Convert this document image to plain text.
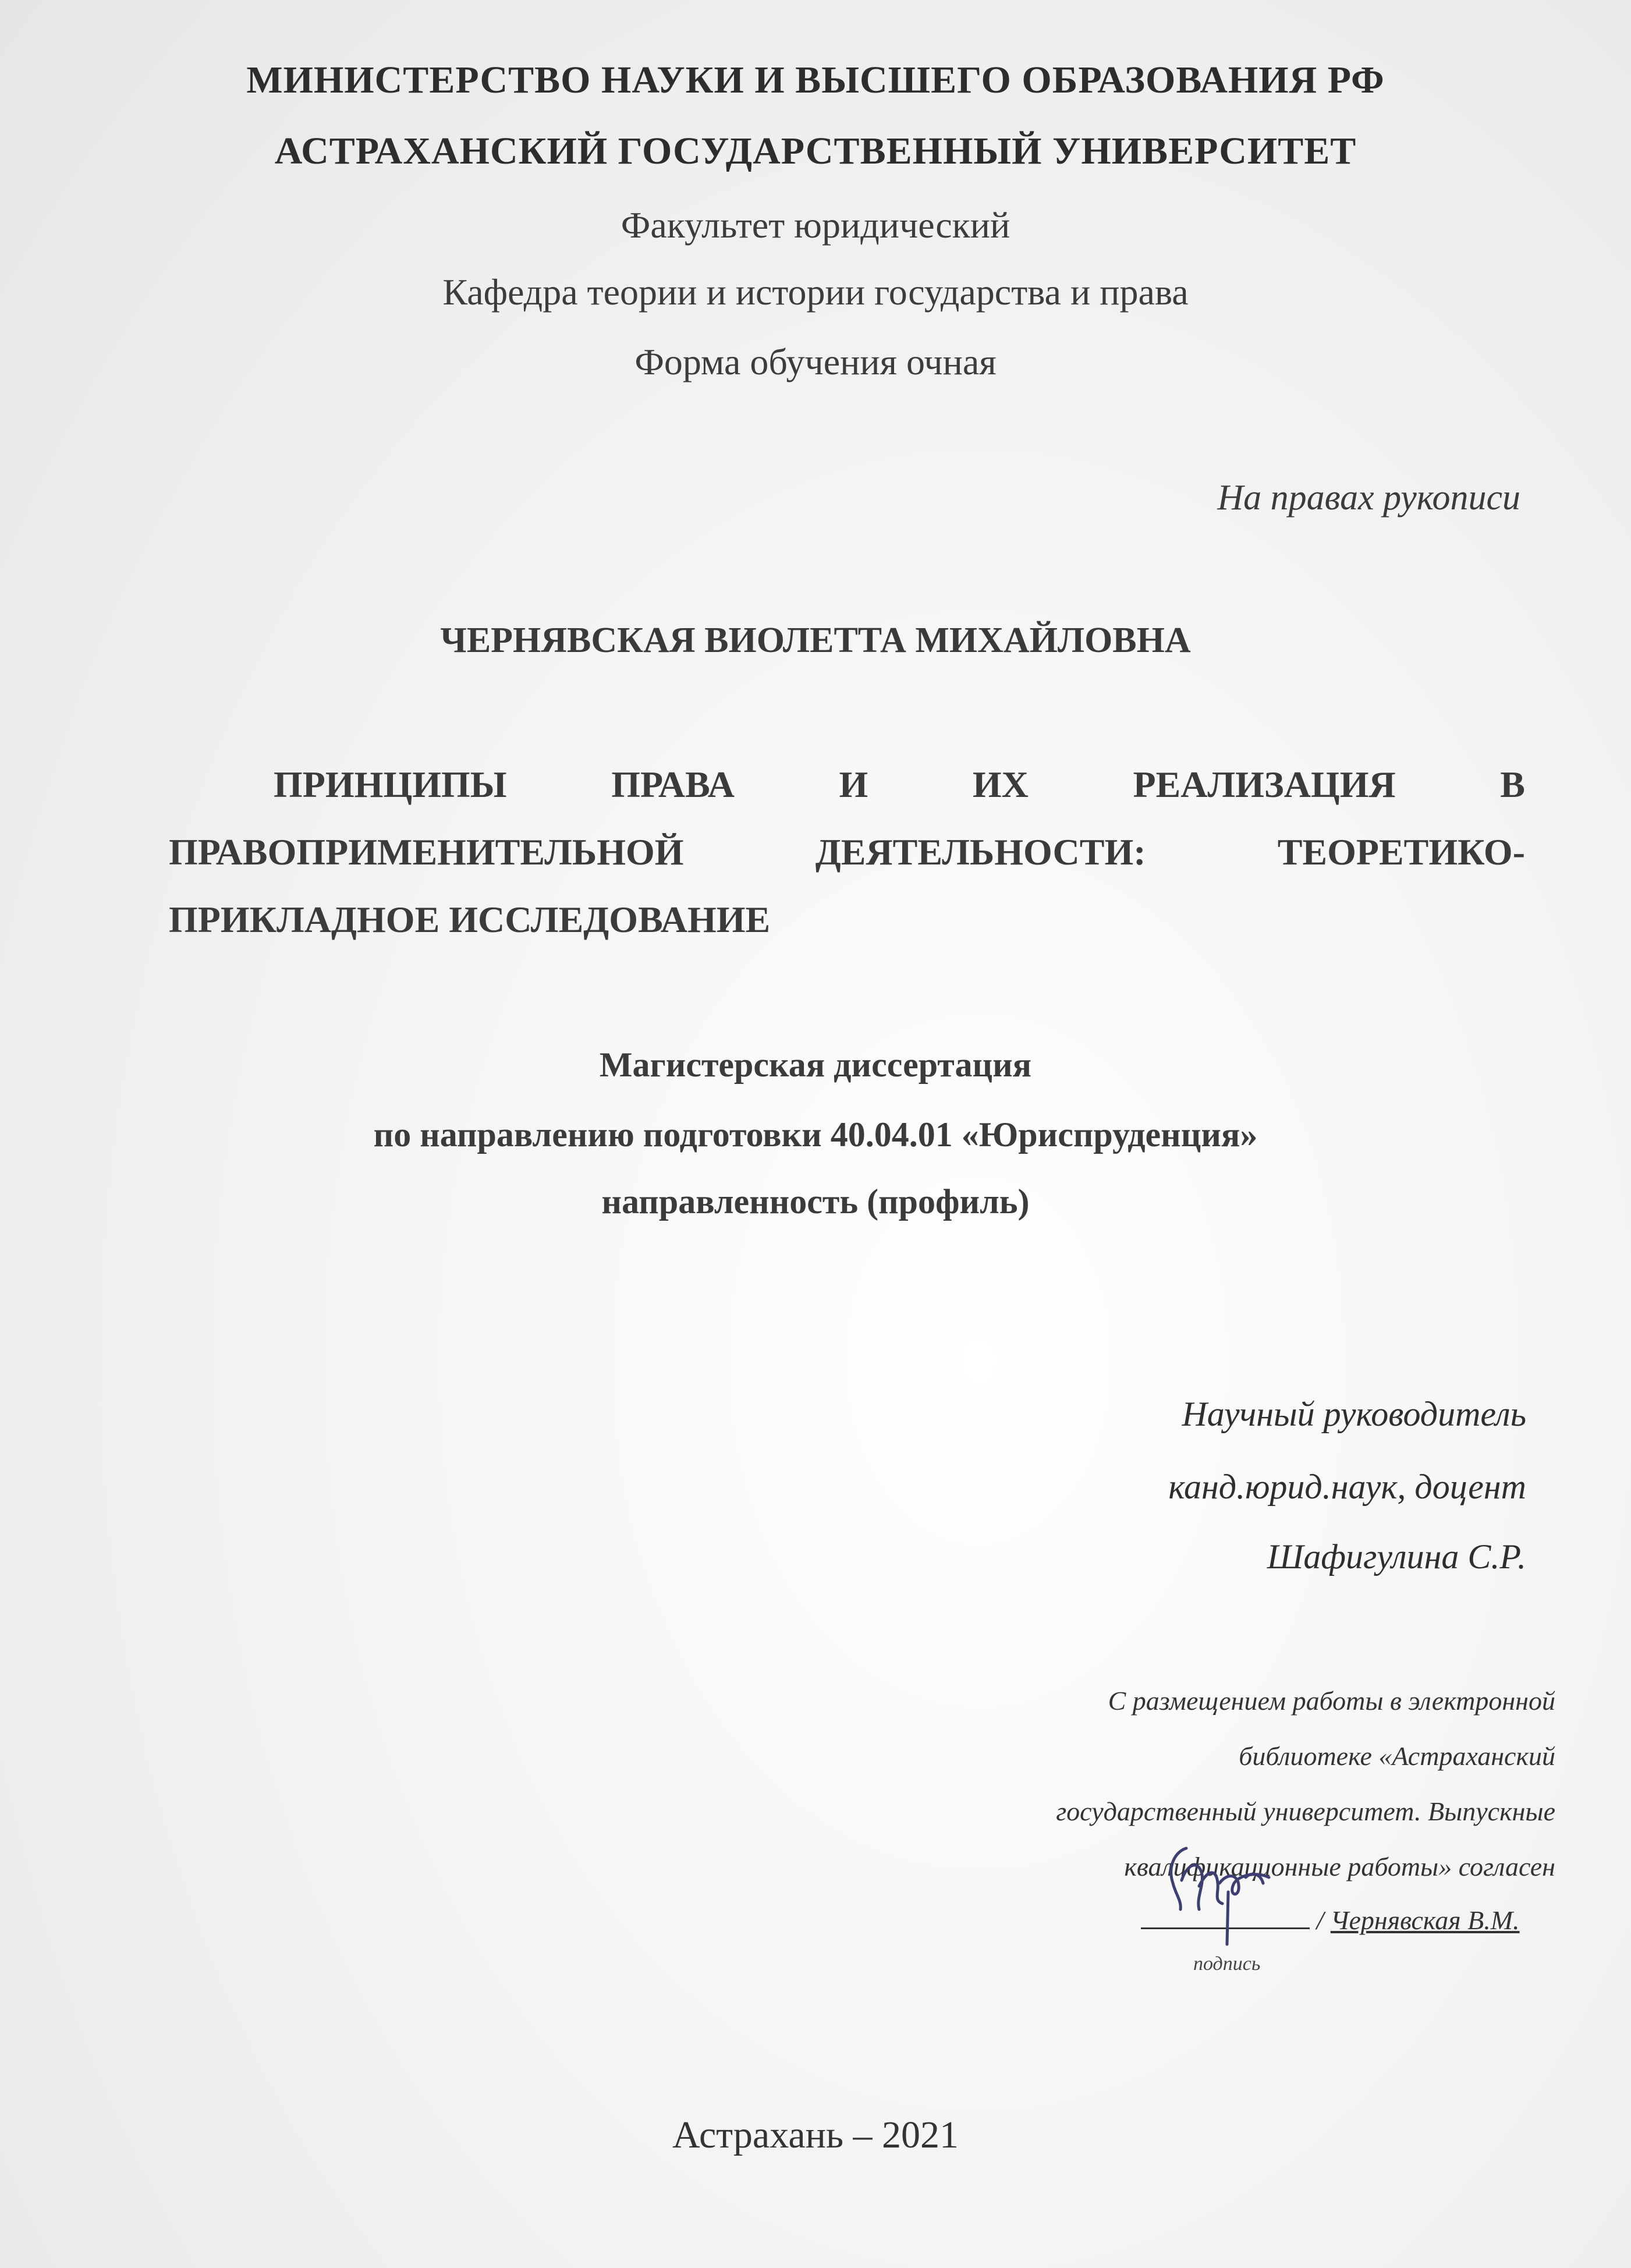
МИНИСТЕРСТВО НАУКИ И ВЫСШЕГО ОБРАЗОВАНИЯ РФ
АСТРАХАНСКИЙ ГОСУДАРСТВЕННЫЙ УНИВЕРСИТЕТ
Факультет юридический
Кафедра теории и истории государства и права
Форма обучения очная
На правах рукописи
ЧЕРНЯВСКАЯ ВИОЛЕТТА МИХАЙЛОВНА
ПРИНЦИПЫ	ПРАВА	И	ИХ	РЕАЛИЗАЦИЯ	В
ПРАВОПРИМЕНИТЕЛЬНОЙ	ДЕЯТЕЛЬНОСТИ:	ТЕОРЕТИКО-
ПРИКЛАДНОЕ ИССЛЕДОВАНИЕ
Магистерская диссертация
по направлению подготовки 40.04.01 «Юриспруденция»
направленность (профиль)
Научный руководитель
канд.юрид.наук, доцент
Шафигулина С.Р.
С размещением работы в электронной
библиотеке «Астраханский
государственный университет. Выпускные
квалификационные работы» согласен
/ Чернявская В.М.
подпись
Астрахань – 2021
